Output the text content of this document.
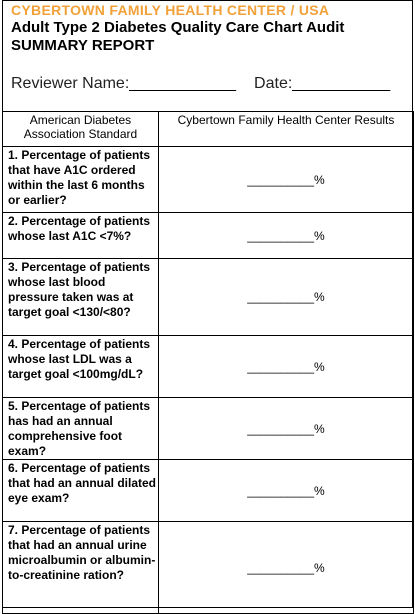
CYBERTOWN FAMILY HEALTH CENTER / USA
Adult Type 2 Diabetes Quality Care Chart Audit
SUMMARY REPORT
Reviewer Name: ____________ Date: ___________
American Diabetes Association Standard	Cybertown Family Health Center Results
1. Percentage of patients that have A1C ordered within the last 6 months or earlier?	__________%
2. Percentage of patients whose last A1C <7%?	__________%
3. Percentage of patients whose last blood pressure taken was at target goal <130/<80?	__________%
4. Percentage of patients whose last LDL was a target goal <100mg/dL?	__________%
5. Percentage of patients has had an annual comprehensive foot exam?	__________%
6. Percentage of patients that had an annual dilated eye exam?	__________%
7. Percentage of patients that had an annual urine microalbumin or albumin-to-creatinine ration?	__________%
